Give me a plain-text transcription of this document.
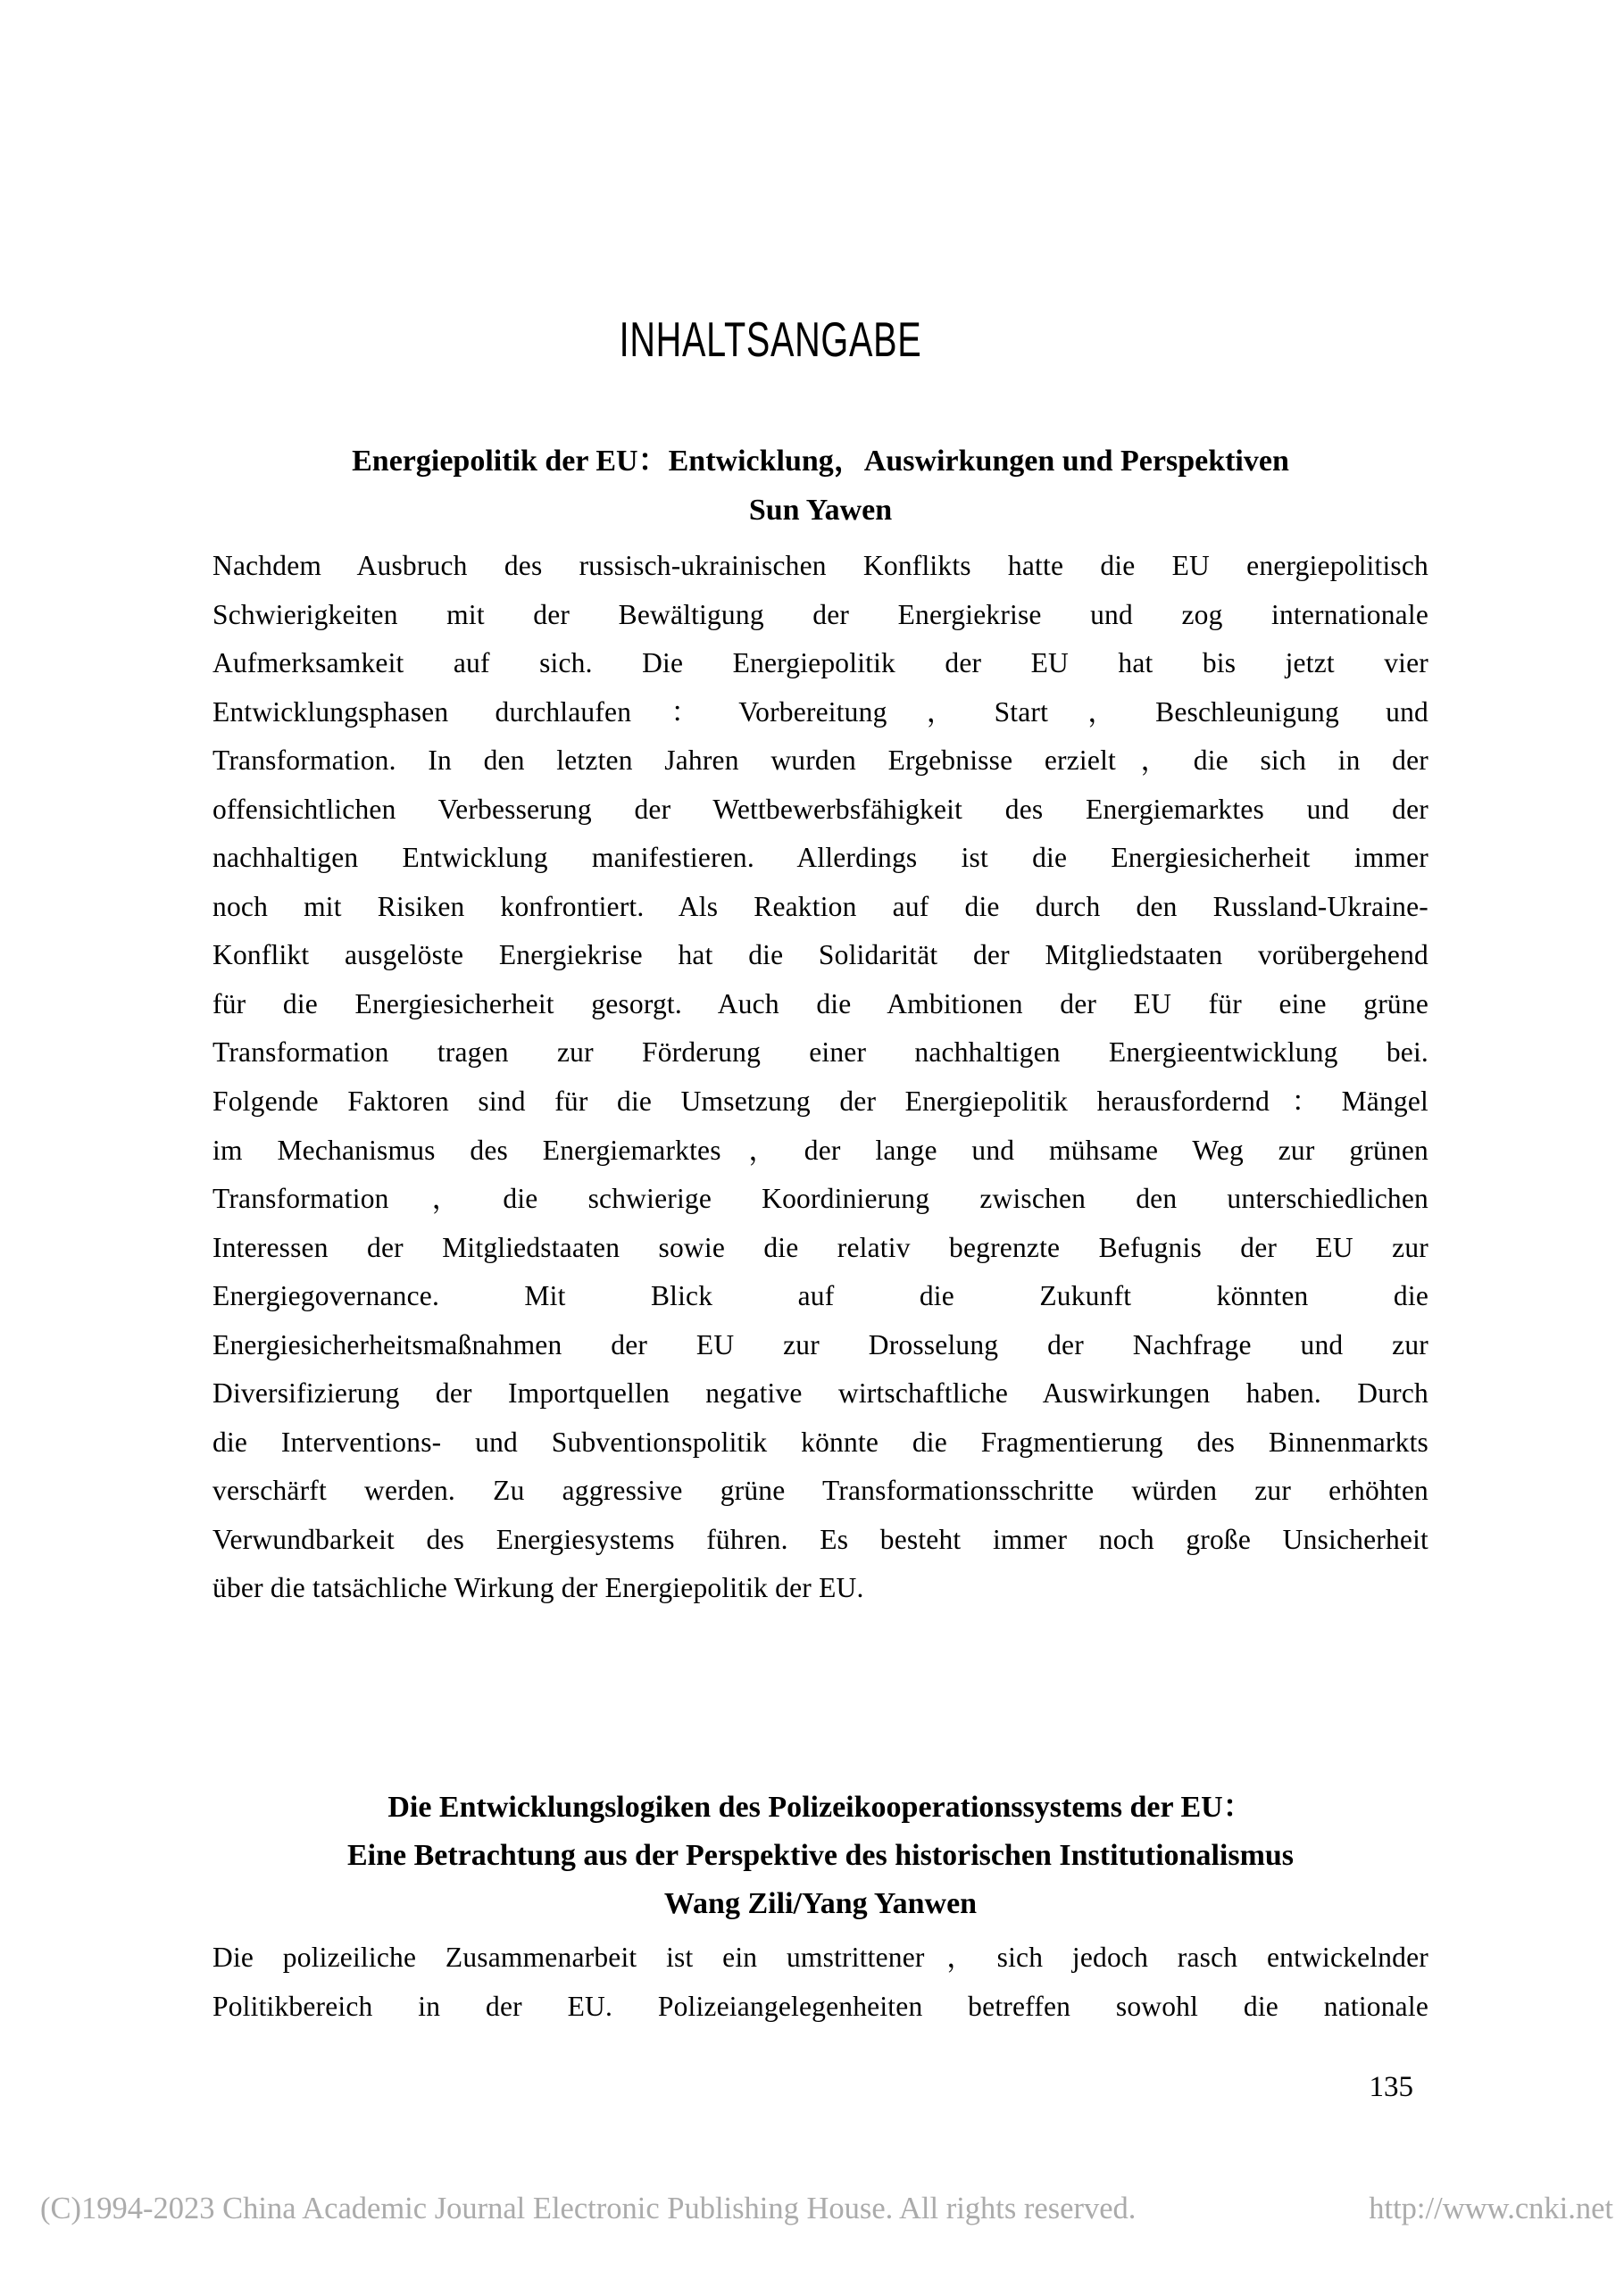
INHALTSANGABE
Energiepolitik der EU：Entwicklung，Auswirkungen und Perspektiven
Sun Yawen
Nachdem Ausbruch des russisch-ukrainischen Konflikts hatte die EU energiepolitisch
Schwierigkeiten mit der Bewältigung der Energiekrise und zog internationale
Aufmerksamkeit auf sich. Die Energiepolitik der EU hat bis jetzt vier
Entwicklungsphasen durchlaufen：Vorbereitung，Start，Beschleunigung und
Transformation. In den letzten Jahren wurden Ergebnisse erzielt，die sich in der
offensichtlichen Verbesserung der Wettbewerbsfähigkeit des Energiemarktes und der
nachhaltigen Entwicklung manifestieren. Allerdings ist die Energiesicherheit immer
noch mit Risiken konfrontiert. Als Reaktion auf die durch den Russland-Ukraine-
Konflikt ausgelöste Energiekrise hat die Solidarität der Mitgliedstaaten vorübergehend
für die Energiesicherheit gesorgt. Auch die Ambitionen der EU für eine grüne
Transformation tragen zur Förderung einer nachhaltigen Energieentwicklung bei.
Folgende Faktoren sind für die Umsetzung der Energiepolitik herausfordernd：Mängel
im Mechanismus des Energiemarktes，der lange und mühsame Weg zur grünen
Transformation，die schwierige Koordinierung zwischen den unterschiedlichen
Interessen der Mitgliedstaaten sowie die relativ begrenzte Befugnis der EU zur
Energiegovernance. Mit Blick auf die Zukunft könnten die
Energiesicherheitsmaßnahmen der EU zur Drosselung der Nachfrage und zur
Diversifizierung der Importquellen negative wirtschaftliche Auswirkungen haben. Durch
die Interventions- und Subventionspolitik könnte die Fragmentierung des Binnenmarkts
verschärft werden. Zu aggressive grüne Transformationsschritte würden zur erhöhten
Verwundbarkeit des Energiesystems führen. Es besteht immer noch große Unsicherheit
über die tatsächliche Wirkung der Energiepolitik der EU.
Die Entwicklungslogiken des Polizeikooperationssystems der EU：
Eine Betrachtung aus der Perspektive des historischen Institutionalismus
Wang Zili/Yang Yanwen
Die polizeiliche Zusammenarbeit ist ein umstrittener，sich jedoch rasch entwickelnder
Politikbereich in der EU. Polizeiangelegenheiten betreffen sowohl die nationale
135
(C)1994-2023 China Academic Journal Electronic Publishing House. All rights reserved.	http://www.cnki.net
